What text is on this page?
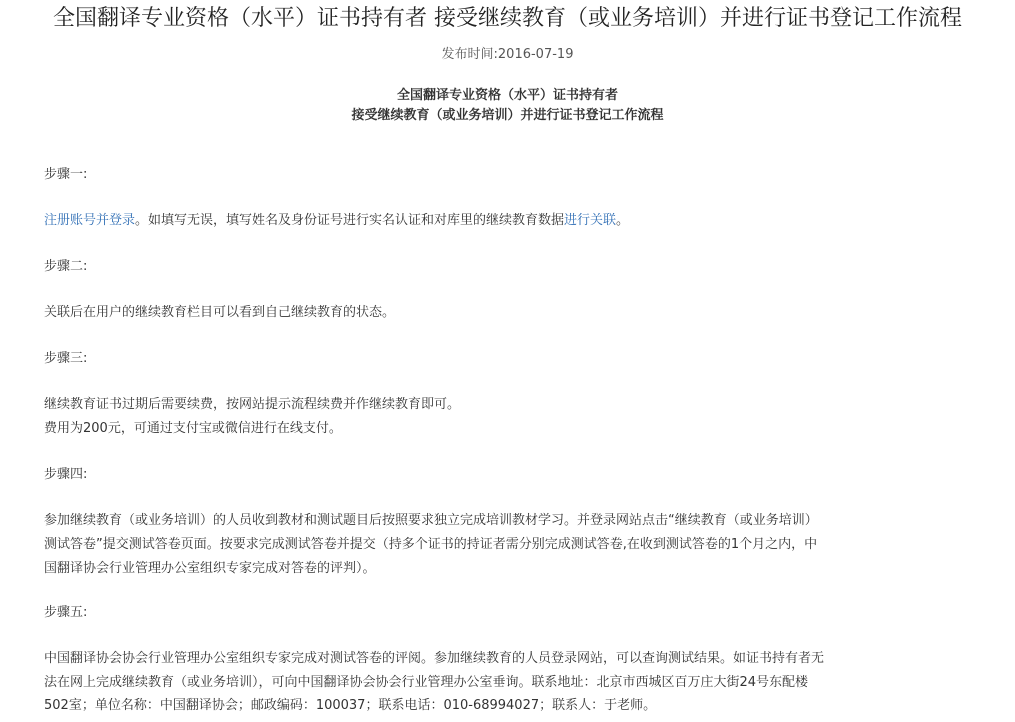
全国翻译专业资格（水平）证书持有者 接受继续教育（或业务培训）并进行证书登记工作流程
发布时间:2016-07-19
全国翻译专业资格（水平）证书持有者
接受继续教育（或业务培训）并进行证书登记工作流程

步骤一:

注册账号并登录。如填写无误，填写姓名及身份证号进行实名认证和对库里的继续教育数据进行关联。

步骤二:

关联后在用户的继续教育栏目可以看到自己继续教育的状态。

步骤三:

继续教育证书过期后需要续费，按网站提示流程续费并作继续教育即可。

费用为200元，可通过支付宝或微信进行在线支付。

步骤四:

参加继续教育（或业务培训）的人员收到教材和测试题目后按照要求独立完成培训教材学习。并登录网站点击“继续教育（或业务培训）

测试答卷”提交测试答卷页面。按要求完成测试答卷并提交（持多个证书的持证者需分别完成测试答卷,在收到测试答卷的1个月之内，中

国翻译协会行业管理办公室组织专家完成对答卷的评判）。

步骤五:

中国翻译协会协会行业管理办公室组织专家完成对测试答卷的评阅。参加继续教育的人员登录网站，可以查询测试结果。如证书持有者无

法在网上完成继续教育（或业务培训），可向中国翻译协会协会行业管理办公室垂询。联系地址：北京市西城区百万庄大街24号东配楼

502室；单位名称：中国翻译协会；邮政编码：100037；联系电话：010-68994027；联系人：于老师。
